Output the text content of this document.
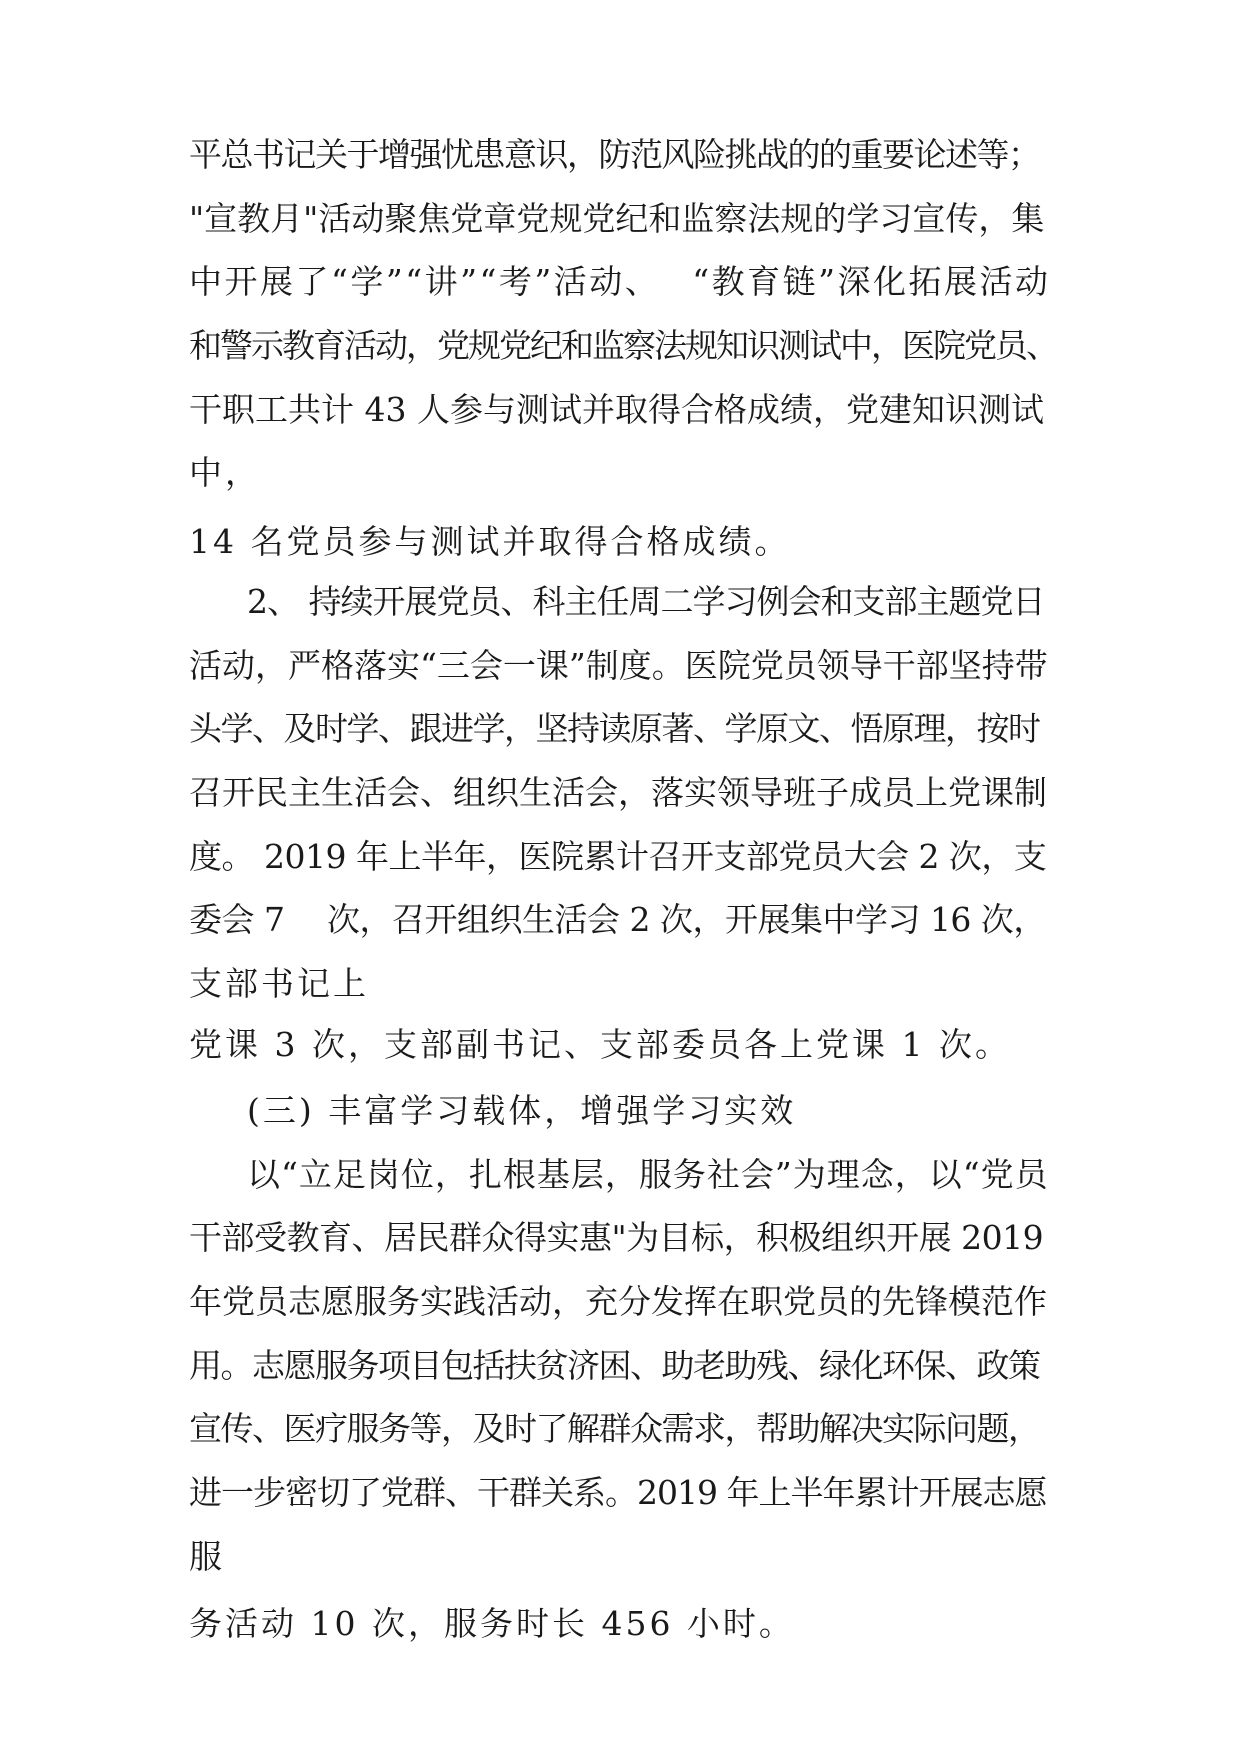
平总书记关于增强忧患意识，防范风险挑战的的重要论述等；
"宣教月"活动聚焦党章党规党纪和监察法规的学习宣传，集
中开展了“学”“讲”“考”活动、　 “教育链”深化拓展活动
和警示教育活动，党规党纪和监察法规知识测试中，医院党员、
干职工共计 43 人参与测试并取得合格成绩，党建知识测试
中，
14 名党员参与测试并取得合格成绩。
2、 持续开展党员、科主任周二学习例会和支部主题党日
活动，严格落实“三会一课”制度。医院党员领导干部坚持带
头学、及时学、跟进学，坚持读原著、学原文、悟原理，按时
召开民主生活会、组织生活会，落实领导班子成员上党课制
度。 2019 年上半年，医院累计召开支部党员大会 2 次，支
委会 7　 次，召开组织生活会 2 次，开展集中学习 16 次，
支部书记上
党课 3 次，支部副书记、支部委员各上党课 1 次。
(三) 丰富学习载体，增强学习实效
以“立足岗位，扎根基层，服务社会”为理念，以“党员
干部受教育、居民群众得实惠"为目标，积极组织开展 2019
年党员志愿服务实践活动，充分发挥在职党员的先锋模范作
用。志愿服务项目包括扶贫济困、助老助残、绿化环保、政策
宣传、医疗服务等，及时了解群众需求，帮助解决实际问题，
进一步密切了党群、干群关系。2019 年上半年累计开展志愿
服
务活动 10 次，服务时长 456 小时。
